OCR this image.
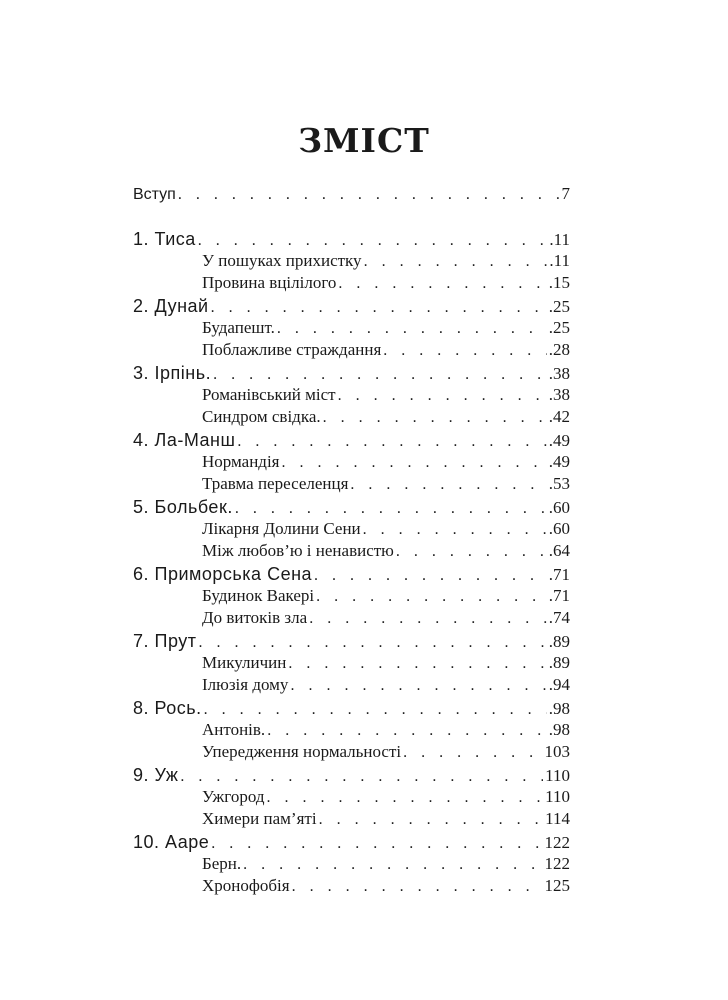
ЗМІСТ
Вступ . . .	7
1. Тиса . . .	.11
У пошуках прихистку . . .	.11
Провина вцілілого . . .	.15
2. Дунай . . .	.25
Будапешт. . . .	.25
Поблажливе страждання . . .	.28
3. Ірпінь. . . .	.38
Романівський міст . . .	.38
Синдром свідка. . . .	.42
4. Ла-Манш . . .	.49
Нормандія . . .	.49
Травма переселенця . . .	.53
5. Больбек. . . .	.60
Лікарня Долини Сени . . .	.60
Між любов’ю і ненавистю . . .	.64
6. Приморська Сена . . .	.71
Будинок Вакері . . .	.71
До витоків зла . . .	.74
7. Прут . . .	.89
Микуличин . . .	.89
Ілюзія дому . . .	.94
8. Рось. . . .	.98
Антонів. . . .	.98
Упередження нормальності . . .	103
9. Уж . . .	110
Ужгород . . .	110
Химери пам’яті . . .	114
10. Ааре . . .	122
Берн. . . .	122
Хронофобія . . .	125
